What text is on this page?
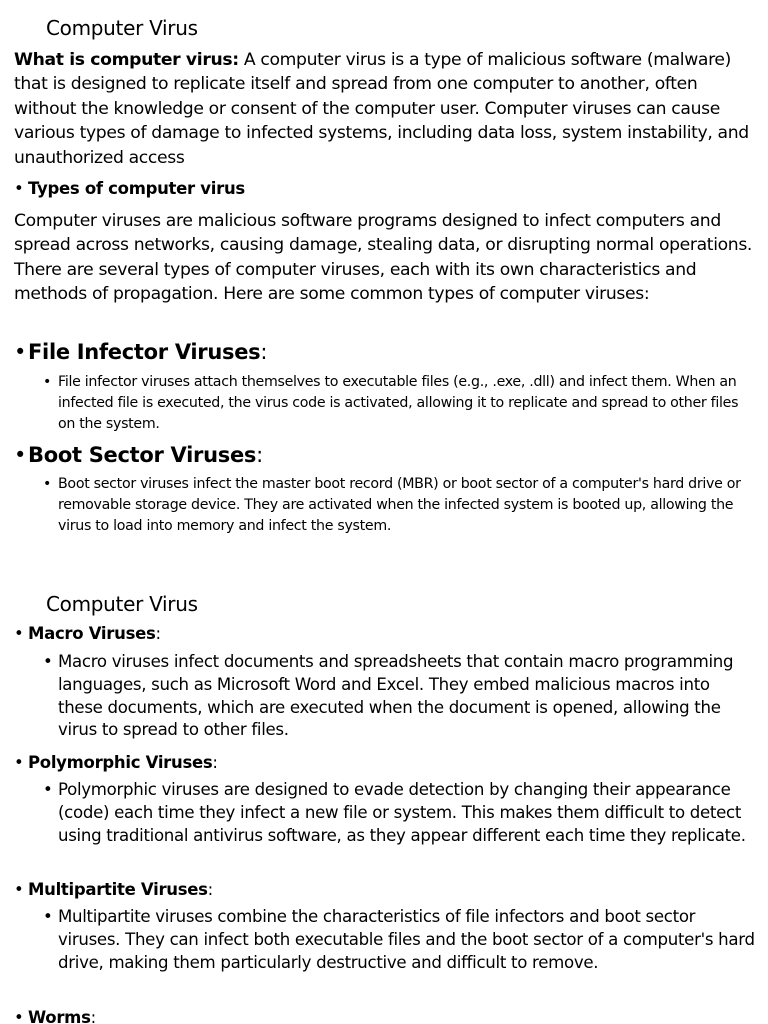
Computer Virus

What is computer virus: A computer virus is a type of malicious software (malware) that is designed to replicate itself and spread from one computer to another, often without the knowledge or consent of the computer user. Computer viruses can cause various types of damage to infected systems, including data loss, system instability, and unauthorized access

• Types of computer virus

Computer viruses are malicious software programs designed to infect computers and spread across networks, causing damage, stealing data, or disrupting normal operations. There are several types of computer viruses, each with its own characteristics and methods of propagation. Here are some common types of computer viruses:

• File Infector Viruses:

• File infector viruses attach themselves to executable files (e.g., .exe, .dll) and infect them. When an infected file is executed, the virus code is activated, allowing it to replicate and spread to other files on the system.

• Boot Sector Viruses:

• Boot sector viruses infect the master boot record (MBR) or boot sector of a computer's hard drive or removable storage device. They are activated when the infected system is booted up, allowing the virus to load into memory and infect the system.

Computer Virus

• Macro Viruses:

• Macro viruses infect documents and spreadsheets that contain macro programming languages, such as Microsoft Word and Excel. They embed malicious macros into these documents, which are executed when the document is opened, allowing the virus to spread to other files.

• Polymorphic Viruses:

• Polymorphic viruses are designed to evade detection by changing their appearance (code) each time they infect a new file or system. This makes them difficult to detect using traditional antivirus software, as they appear different each time they replicate.

• Multipartite Viruses:

• Multipartite viruses combine the characteristics of file infectors and boot sector viruses. They can infect both executable files and the boot sector of a computer's hard drive, making them particularly destructive and difficult to remove.

• Worms:
